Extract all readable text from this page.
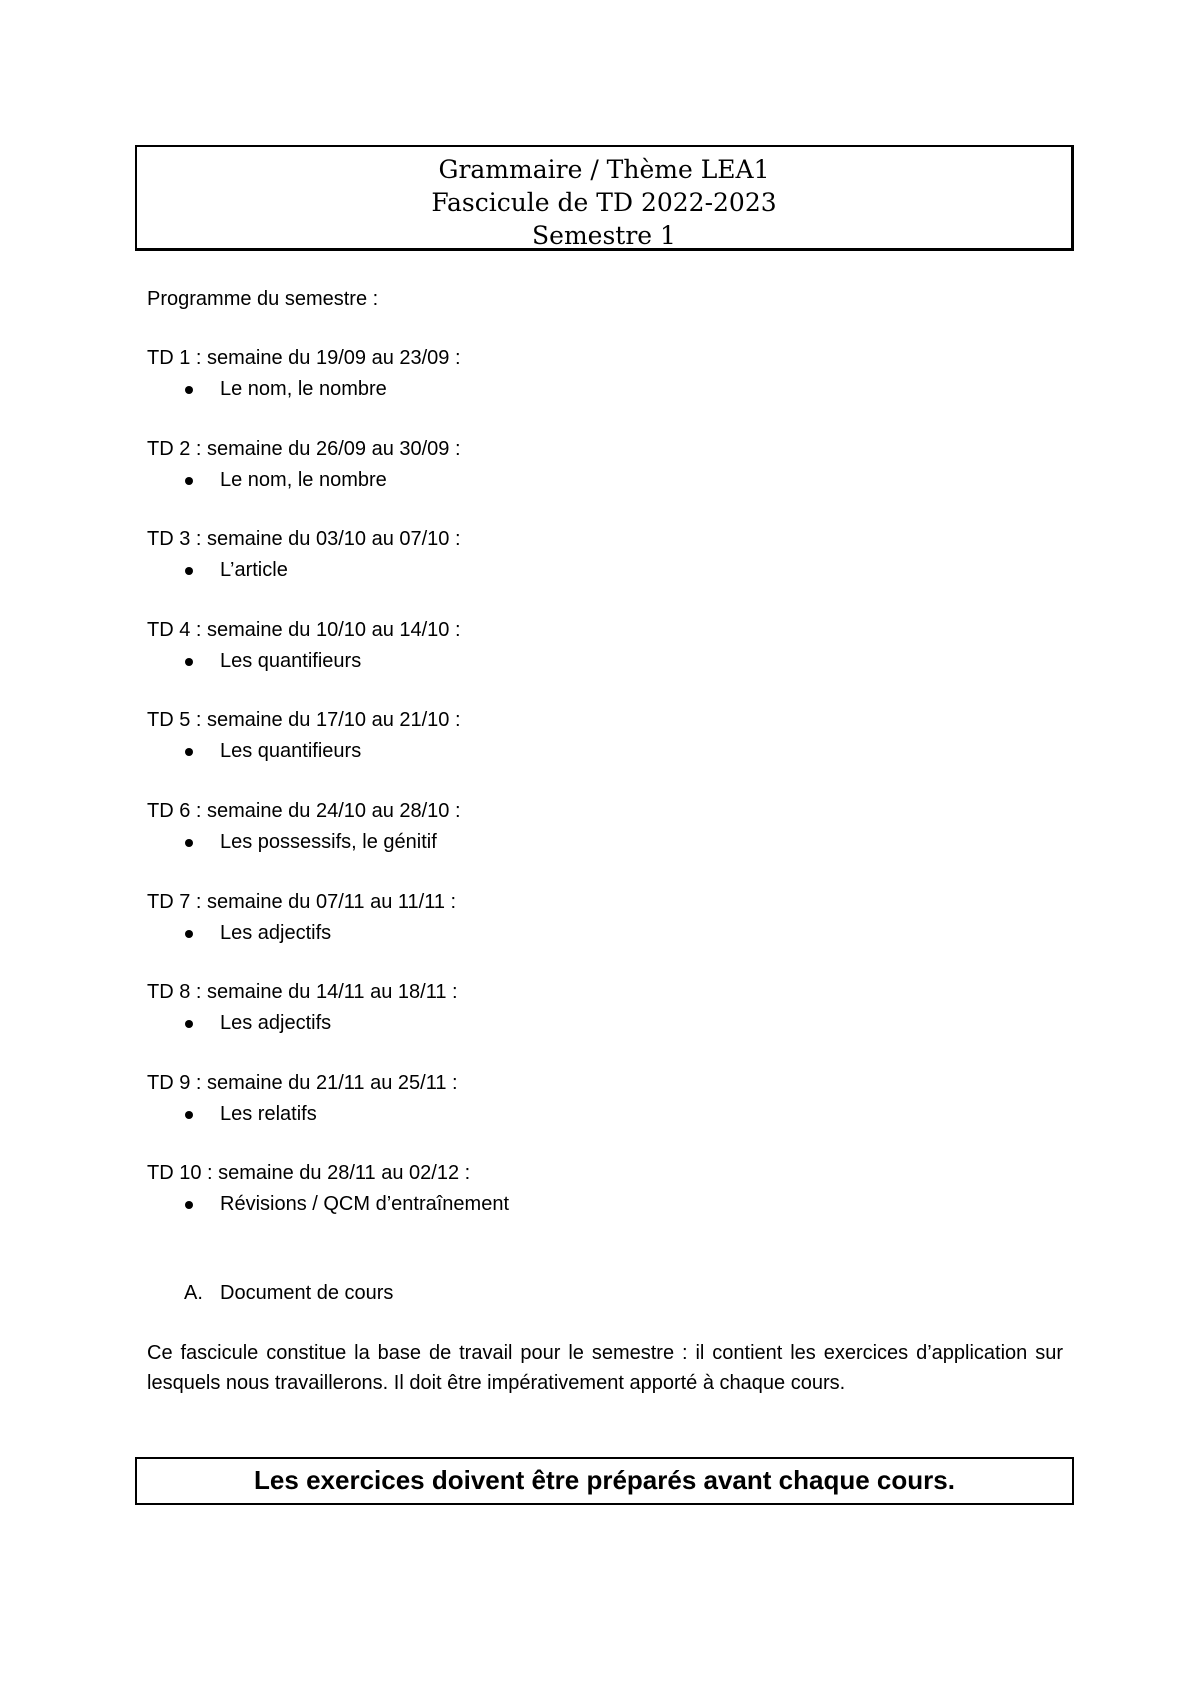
Grammaire / Thème LEA1
Fascicule de TD 2022-2023
Semestre 1
Programme du semestre :
TD 1 : semaine du 19/09 au 23/09 :
Le nom, le nombre
TD 2 : semaine du 26/09 au 30/09 :
Le nom, le nombre
TD 3 : semaine du 03/10 au 07/10 :
L’article
TD 4 : semaine du 10/10 au 14/10 :
Les quantifieurs
TD 5 : semaine du 17/10 au 21/10 :
Les quantifieurs
TD 6 : semaine du 24/10 au 28/10 :
Les possessifs, le génitif
TD 7 : semaine du 07/11 au 11/11 :
Les adjectifs
TD 8 : semaine du 14/11 au 18/11 :
Les adjectifs
TD 9 : semaine du 21/11 au 25/11 :
Les relatifs
TD 10 : semaine du 28/11 au 02/12 :
Révisions / QCM d’entraînement
A. Document de cours
Ce fascicule constitue la base de travail pour le semestre : il contient les exercices d’application sur lesquels nous travaillerons. Il doit être impérativement apporté à chaque cours.
Les exercices doivent être préparés avant chaque cours.
